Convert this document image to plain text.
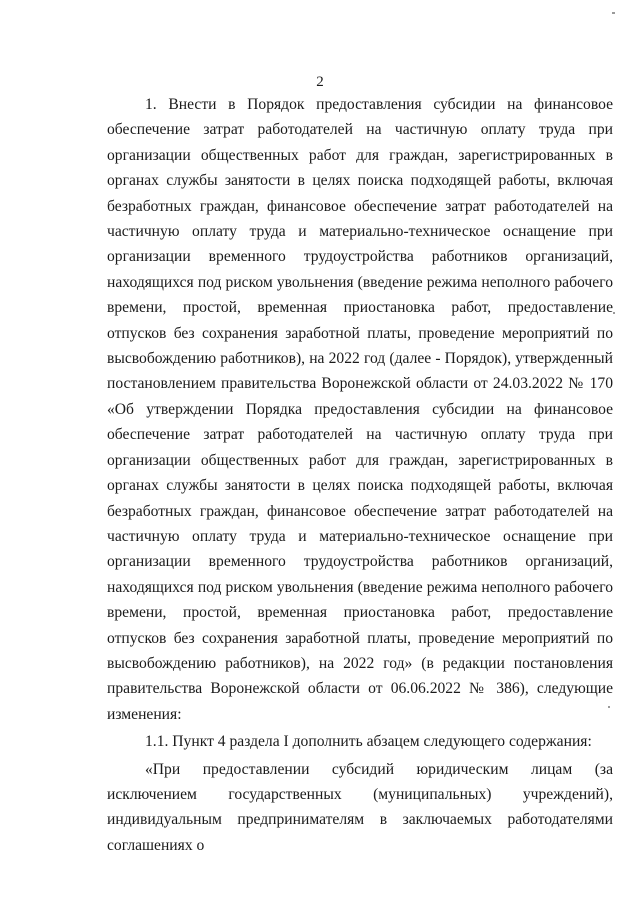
2

1. Внести в Порядок предоставления субсидии на финансовое обеспечение затрат работодателей на частичную оплату труда при организации общественных работ для граждан, зарегистрированных в органах службы занятости в целях поиска подходящей работы, включая безработных граждан, финансовое обеспечение затрат работодателей на частичную оплату труда и материально-техническое оснащение при организации временного трудоустройства работников организаций, находящихся под риском увольнения (введение режима неполного рабочего времени, простой, временная приостановка работ, предоставление отпусков без сохранения заработной платы, проведение мероприятий по высвобождению работников), на 2022 год (далее - Порядок), утвержденный постановлением правительства Воронежской области от 24.03.2022 № 170 «Об утверждении Порядка предоставления субсидии на финансовое обеспечение затрат работодателей на частичную оплату труда при организации общественных работ для граждан, зарегистрированных в органах службы занятости в целях поиска подходящей работы, включая безработных граждан, финансовое обеспечение затрат работодателей на частичную оплату труда и материально-техническое оснащение при организации временного трудоустройства работников организаций, находящихся под риском увольнения (введение режима неполного рабочего времени, простой, временная приостановка работ, предоставление отпусков без сохранения заработной платы, проведение мероприятий по высвобождению работников), на 2022 год» (в редакции постановления правительства Воронежской области от 06.06.2022 № 386), следующие изменения:

1.1. Пункт 4 раздела I дополнить абзацем следующего содержания:

«При предоставлении субсидий юридическим лицам (за исключением государственных (муниципальных) учреждений), индивидуальным предпринимателям в заключаемых работодателями соглашениях о
